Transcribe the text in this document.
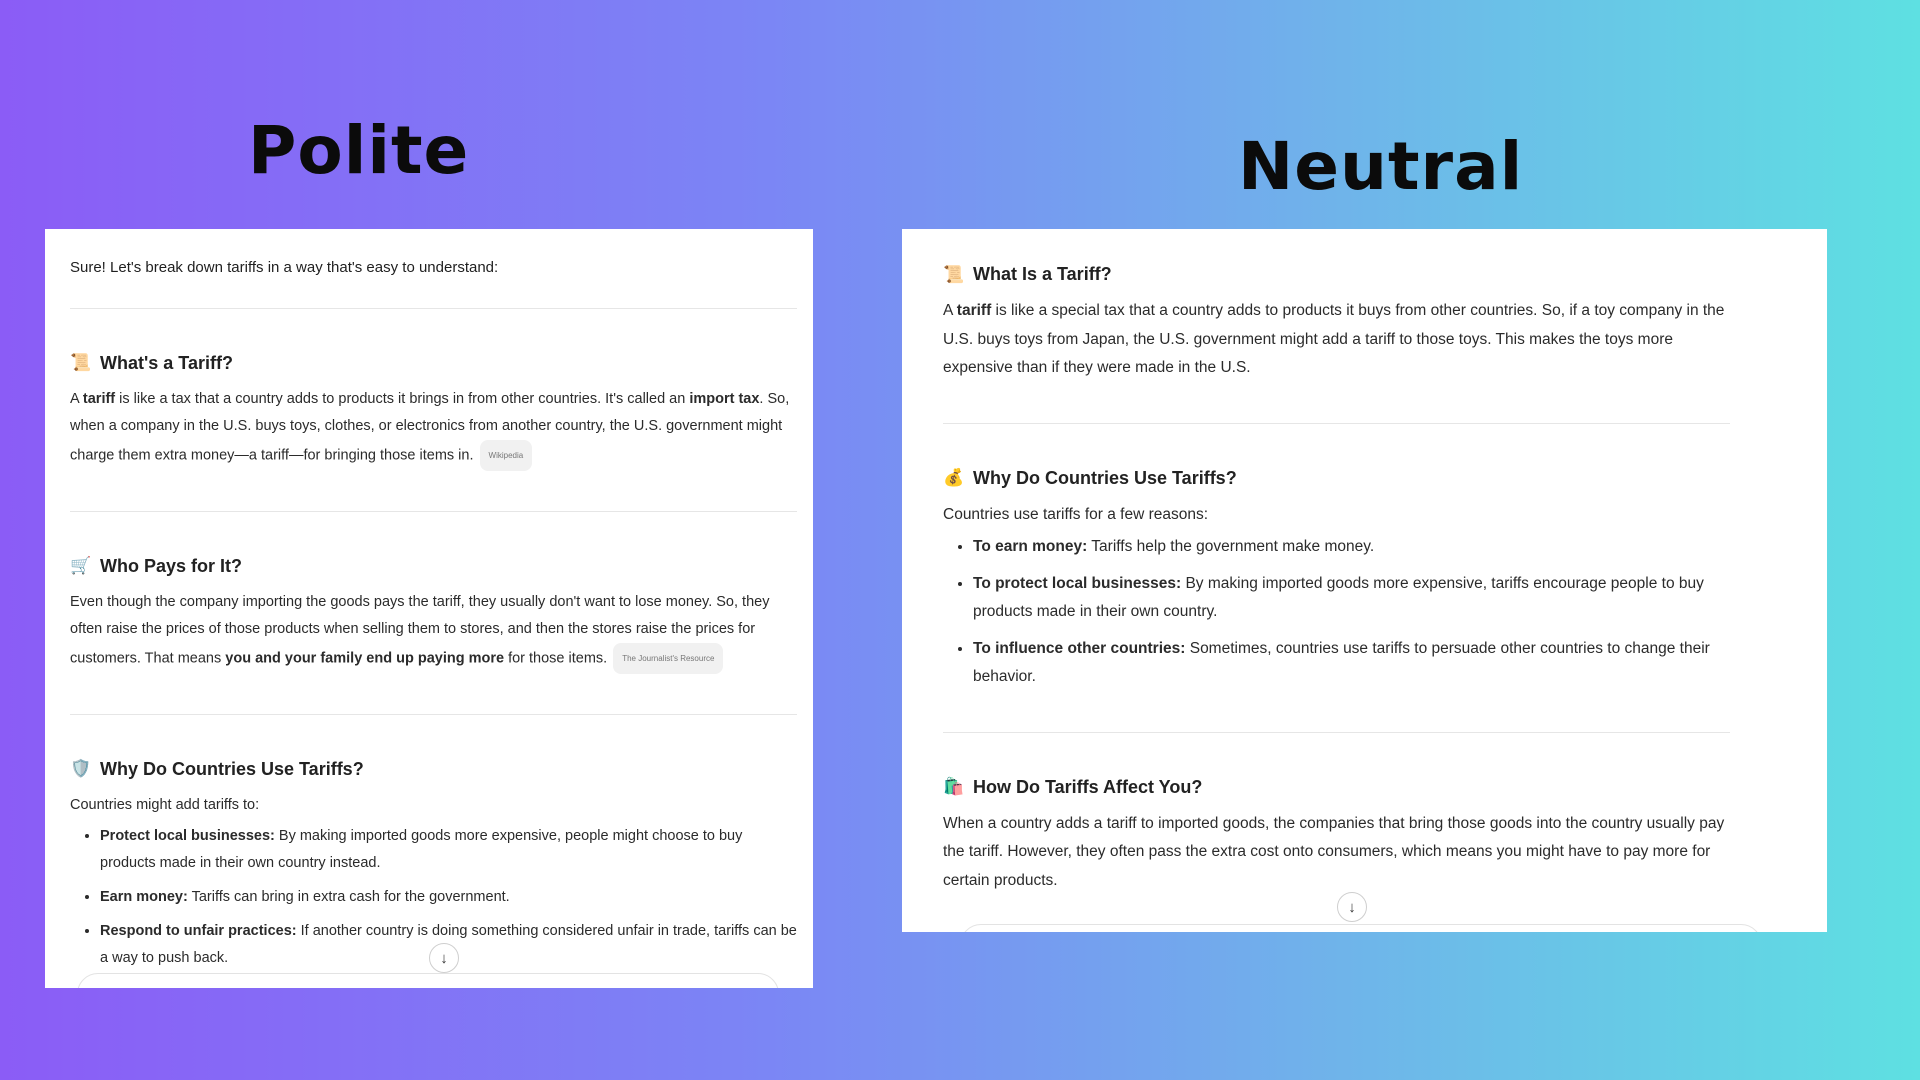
Polite	Neutral

Sure! Let's break down tariffs in a way that's easy to understand:

📜 What's a Tariff?

A tariff is like a tax that a country adds to products it brings in from other countries. It's called an import tax. So, when a company in the U.S. buys toys, clothes, or electronics from another country, the U.S. government might charge them extra money—a tariff—for bringing those items in. Wikipedia

🛒 Who Pays for It?

Even though the company importing the goods pays the tariff, they usually don't want to lose money. So, they often raise the prices of those products when selling them to stores, and then the stores raise the prices for customers. That means you and your family end up paying more for those items. The Journalist's Resource

🛡️ Why Do Countries Use Tariffs?

Countries might add tariffs to:

• Protect local businesses: By making imported goods more expensive, people might choose to buy products made in their own country instead.
• Earn money: Tariffs can bring in extra cash for the government.
• Respond to unfair practices: If another country is doing something considered unfair in trade, tariffs can be a way to push back.	↓
📜 What Is a Tariff?

A tariff is like a special tax that a country adds to products it buys from other countries. So, if a toy company in the U.S. buys toys from Japan, the U.S. government might add a tariff to those toys. This makes the toys more expensive than if they were made in the U.S.

💰 Why Do Countries Use Tariffs?

Countries use tariffs for a few reasons:

• To earn money: Tariffs help the government make money.
• To protect local businesses: By making imported goods more expensive, tariffs encourage people to buy products made in their own country.
• To influence other countries: Sometimes, countries use tariffs to persuade other countries to change their behavior.
🛍️ How Do Tariffs Affect You?

When a country adds a tariff to imported goods, the companies that bring those goods into the country usually pay the tariff. However, they often pass the extra cost onto consumers, which means you might have to pay more for certain products.

↓
